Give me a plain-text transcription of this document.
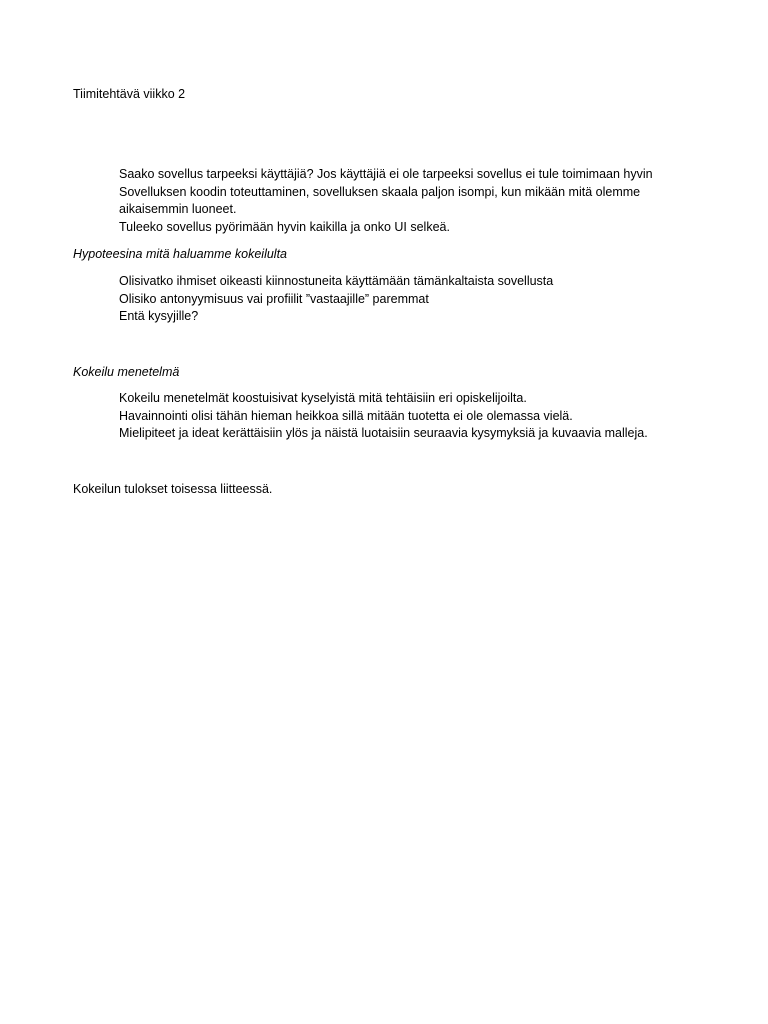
Tiimitehtävä viikko 2

Saako sovellus tarpeeksi käyttäjiä? Jos käyttäjiä ei ole tarpeeksi sovellus ei tule toimimaan hyvin
Sovelluksen koodin toteuttaminen, sovelluksen skaala paljon isompi, kun mikään mitä olemme
aikaisemmin luoneet.
Tuleeko sovellus pyörimään hyvin kaikilla ja onko UI selkeä.

Hypoteesina mitä haluamme kokeilulta

Olisivatko ihmiset oikeasti kiinnostuneita käyttämään tämänkaltaista sovellusta
Olisiko antonyymisuus vai profiilit ”vastaajille” paremmat
Entä kysyjille?

Kokeilu menetelmä

Kokeilu menetelmät koostuisivat kyselyistä mitä tehtäisiin eri opiskelijoilta.
Havainnointi olisi tähän hieman heikkoa sillä mitään tuotetta ei ole olemassa vielä.
Mielipiteet ja ideat kerättäisiin ylös ja näistä luotaisiin seuraavia kysymyksiä ja kuvaavia malleja.

Kokeilun tulokset toisessa liitteessä.
